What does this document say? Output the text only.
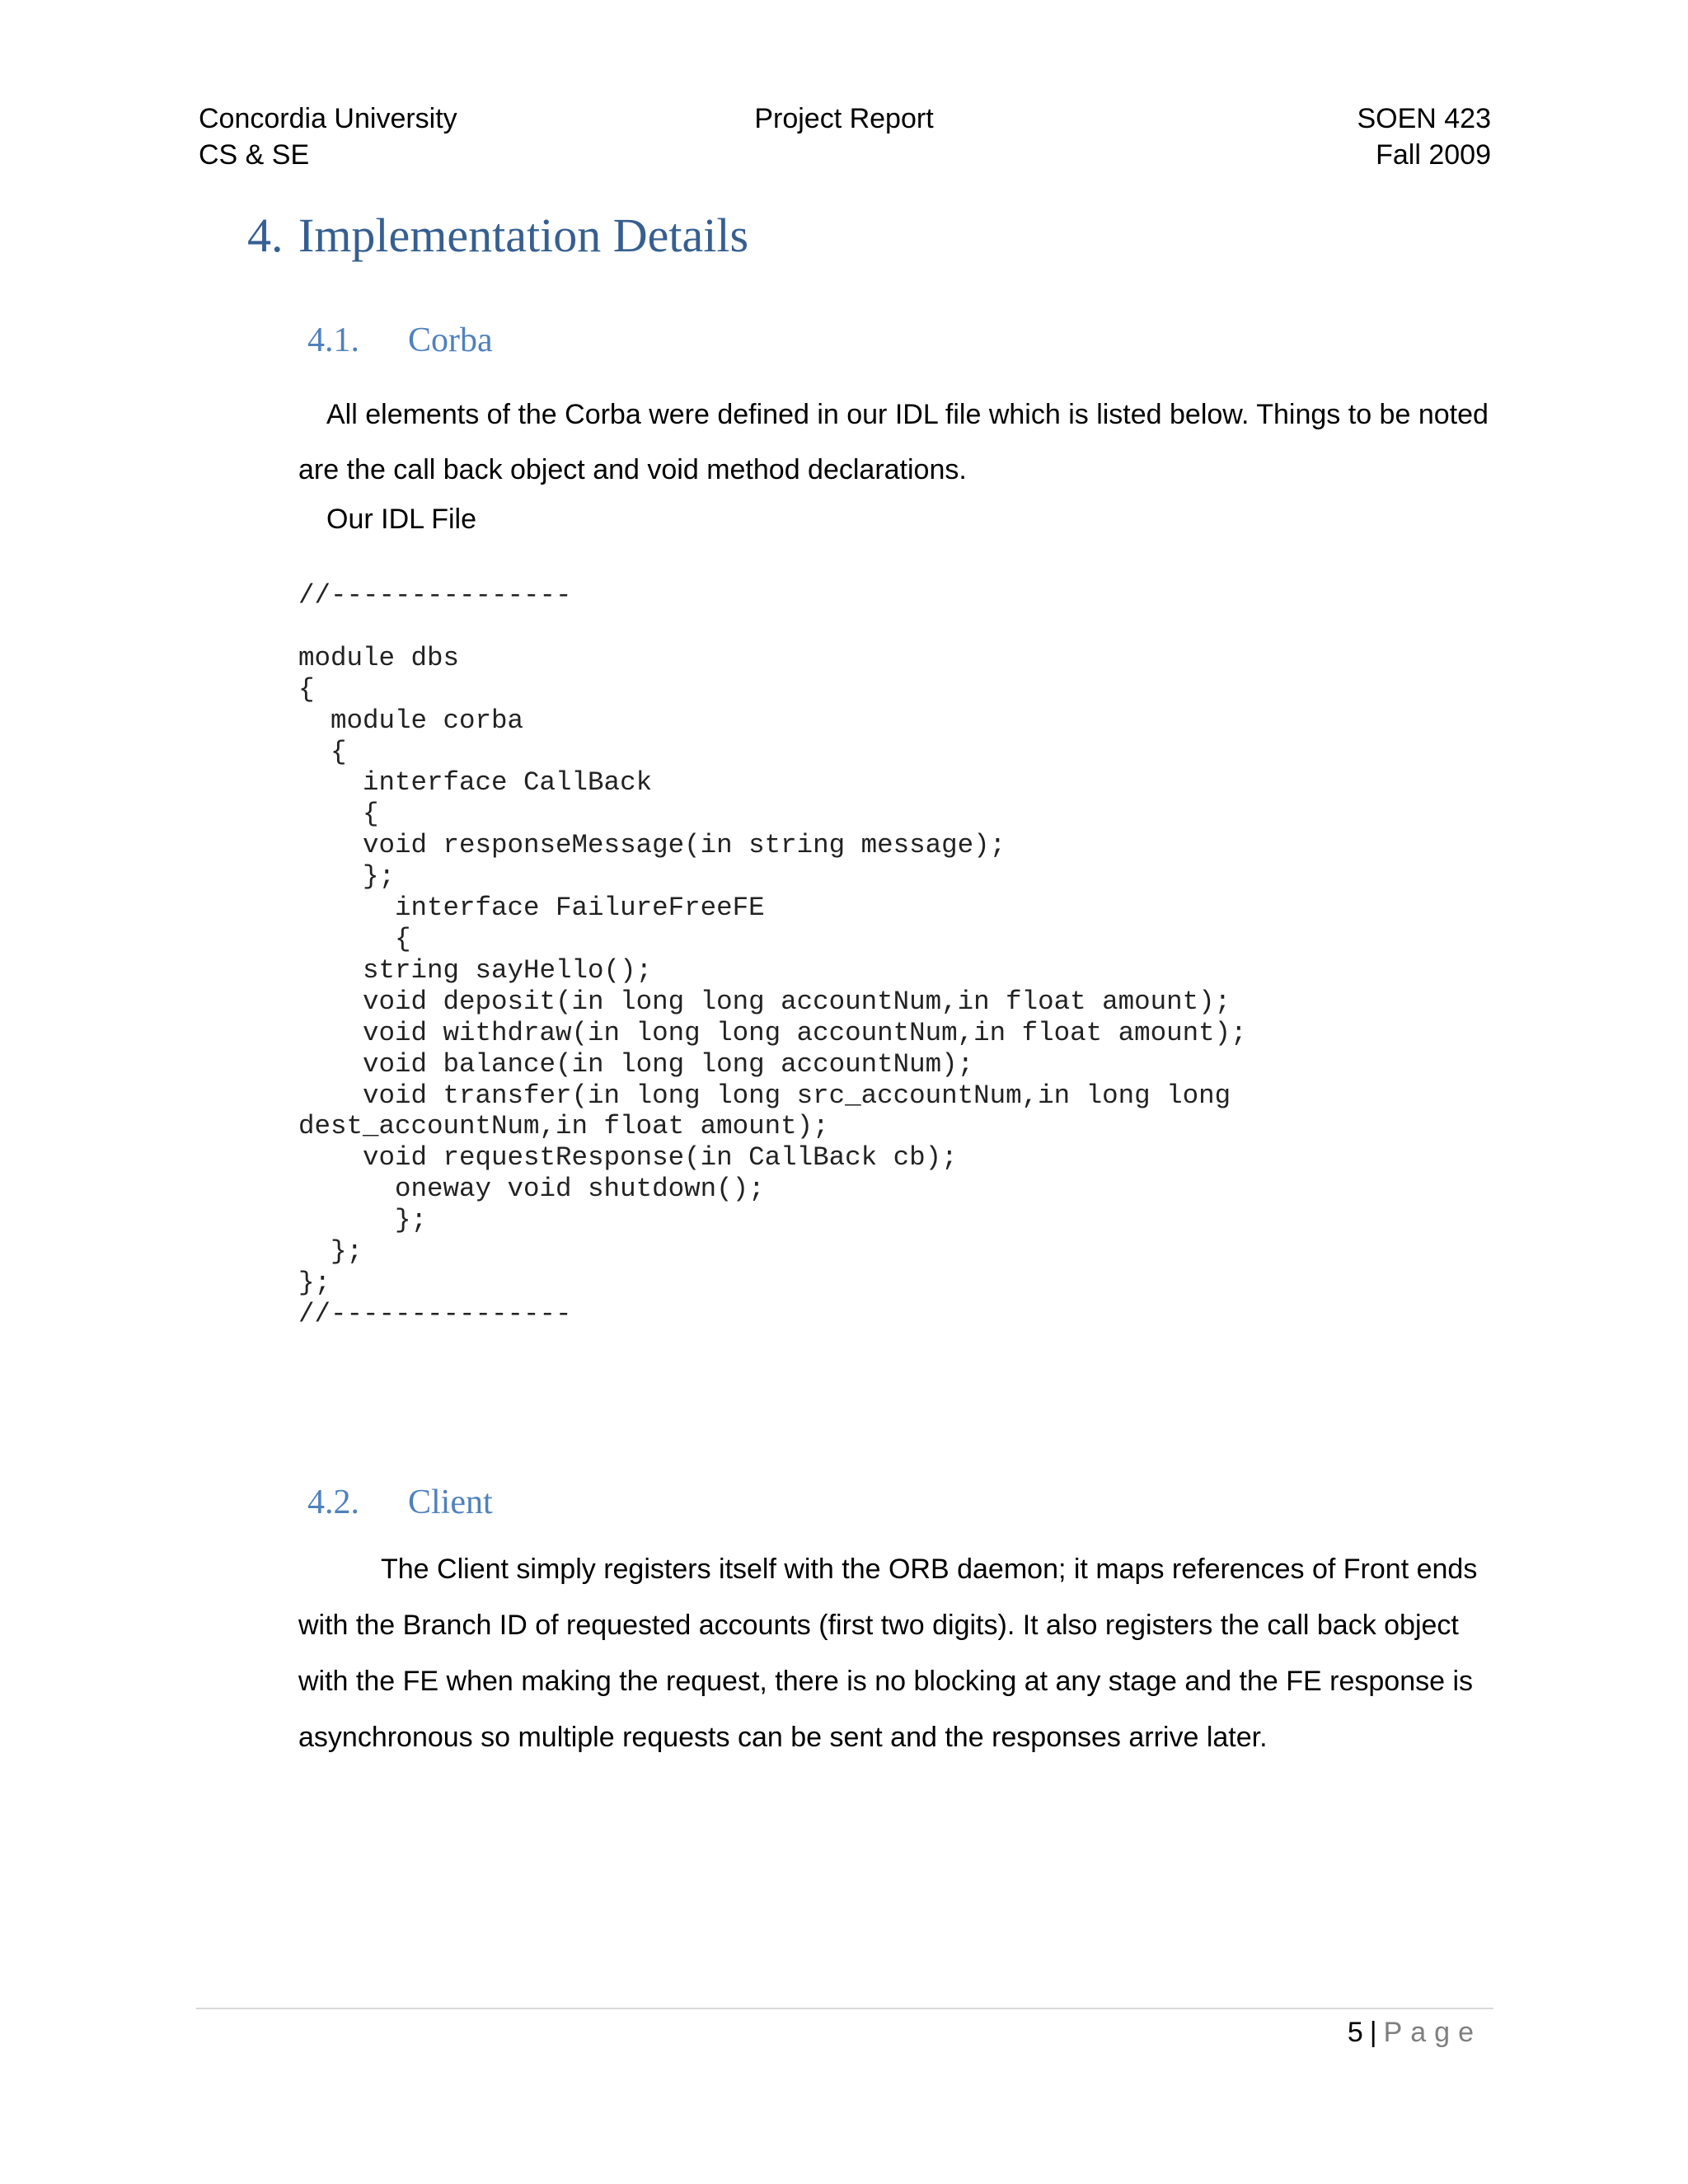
Concordia University
CS & SE
Project Report	SOEN 423
Fall 2009
4. Implementation Details
4.1. Corba
All elements of the Corba were defined in our IDL file which is listed below. Things to be noted are the call back object and void method declarations.
Our IDL File
//---------------

module dbs
{
module corba
{
interface CallBack
{
void responseMessage(in string message);
};
interface FailureFreeFE
{
string sayHello();
void deposit(in long long accountNum,in float amount);
void withdraw(in long long accountNum,in float amount);
void balance(in long long accountNum);
void transfer(in long long src_accountNum,in long long
dest_accountNum,in float amount);
void requestResponse(in CallBack cb);
oneway void shutdown();
};
};
};
//---------------
4.2. Client
The Client simply registers itself with the ORB daemon; it maps references of Front ends with the Branch ID of requested accounts (first two digits). It also registers the call back object with the FE when making the request, there is no blocking at any stage and the FE response is asynchronous so multiple requests can be sent and the responses arrive later.
5 | Page
